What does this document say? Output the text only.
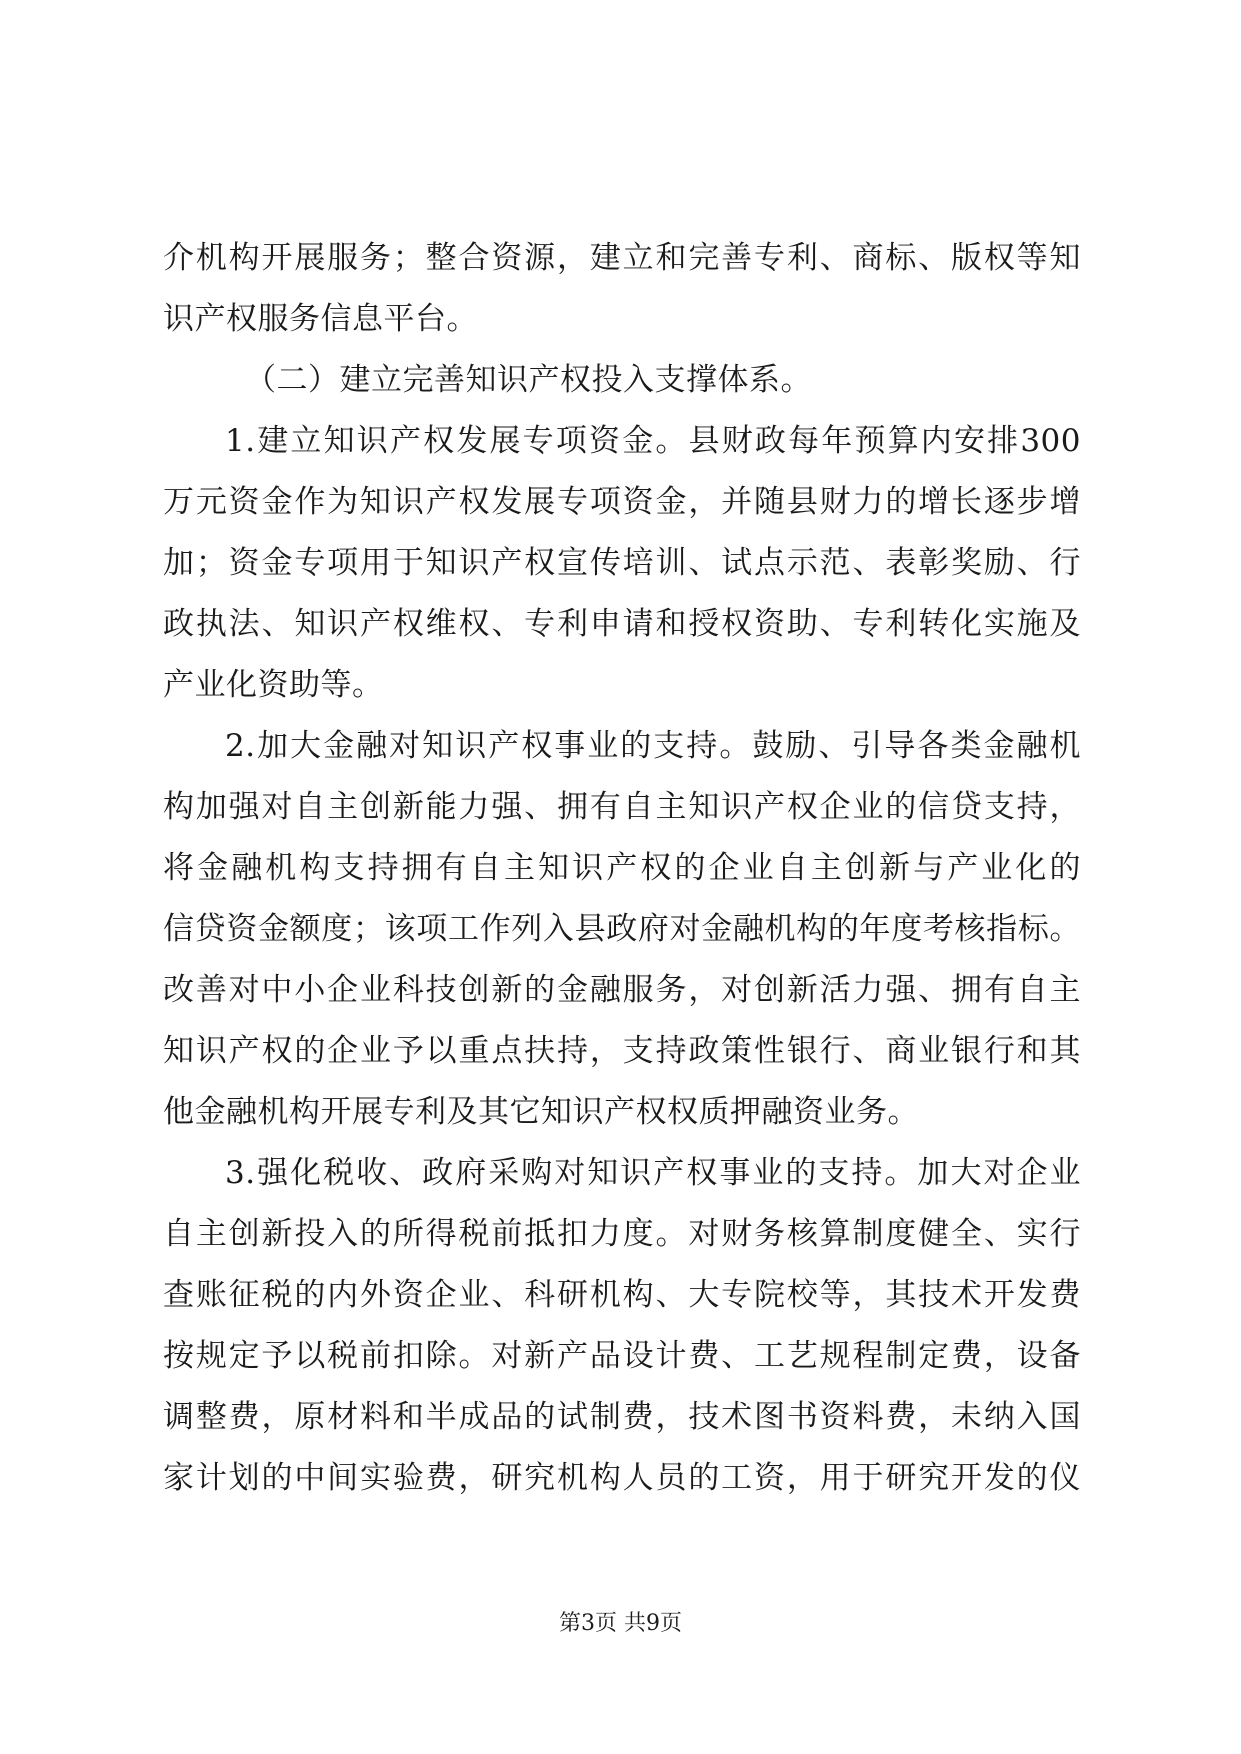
介机构开展服务；整合资源，建立和完善专利、商标、版权等知
识产权服务信息平台。
（二）建立完善知识产权投入支撑体系。
1.建立知识产权发展专项资金。县财政每年预算内安排300
万元资金作为知识产权发展专项资金，并随县财力的增长逐步增
加；资金专项用于知识产权宣传培训、试点示范、表彰奖励、行
政执法、知识产权维权、专利申请和授权资助、专利转化实施及
产业化资助等。
2.加大金融对知识产权事业的支持。鼓励、引导各类金融机
构加强对自主创新能力强、拥有自主知识产权企业的信贷支持，
将金融机构支持拥有自主知识产权的企业自主创新与产业化的
信贷资金额度；该项工作列入县政府对金融机构的年度考核指标。
改善对中小企业科技创新的金融服务，对创新活力强、拥有自主
知识产权的企业予以重点扶持，支持政策性银行、商业银行和其
他金融机构开展专利及其它知识产权权质押融资业务。
3.强化税收、政府采购对知识产权事业的支持。加大对企业
自主创新投入的所得税前抵扣力度。对财务核算制度健全、实行
查账征税的内外资企业、科研机构、大专院校等，其技术开发费
按规定予以税前扣除。对新产品设计费、工艺规程制定费，设备
调整费，原材料和半成品的试制费，技术图书资料费，未纳入国
家计划的中间实验费，研究机构人员的工资，用于研究开发的仪
第3页 共9页
